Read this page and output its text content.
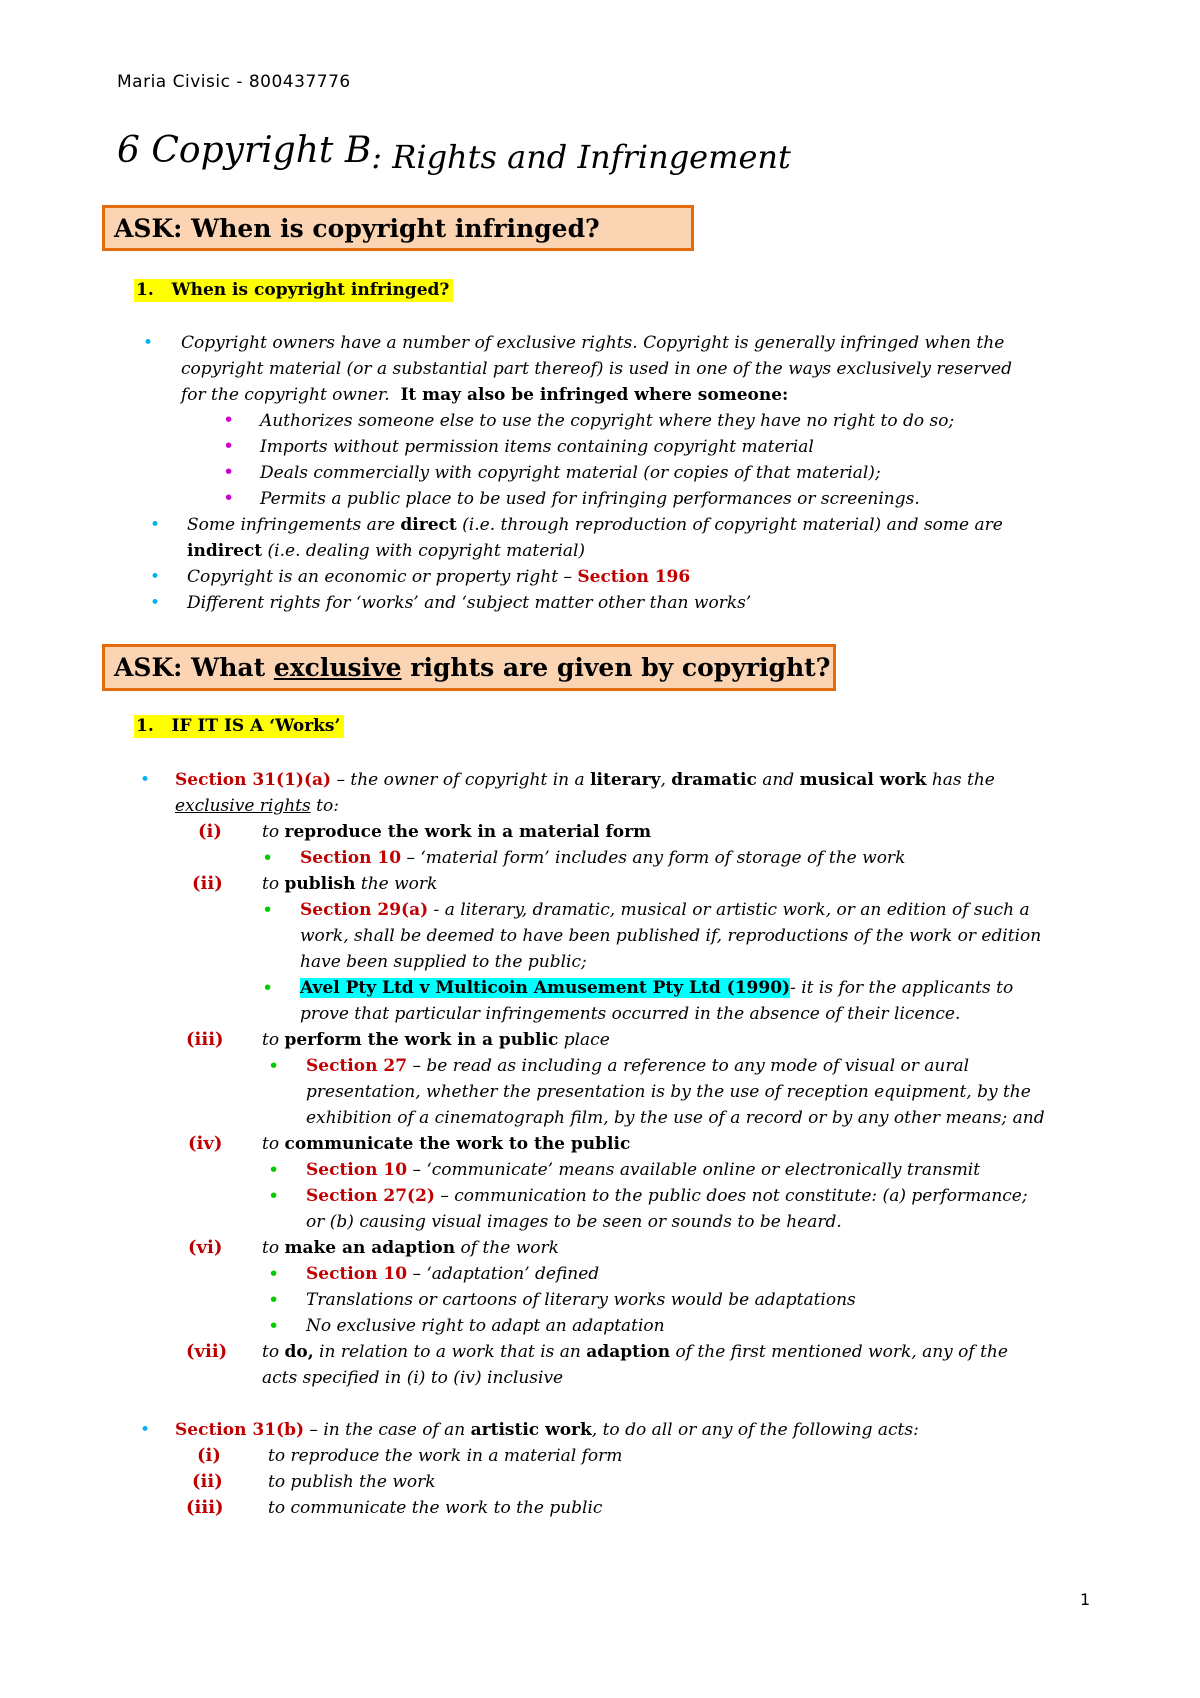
Maria Civisic - 800437776
6 Copyright B: Rights and Infringement
ASK: When is copyright infringed?
1. When is copyright infringed?
• Copyright owners have a number of exclusive rights. Copyright is generally infringed when the
copyright material (or a substantial part thereof) is used in one of the ways exclusively reserved
for the copyright owner. It may also be infringed where someone:
• Authorizes someone else to use the copyright where they have no right to do so;
• Imports without permission items containing copyright material
• Deals commercially with copyright material (or copies of that material);
• Permits a public place to be used for infringing performances or screenings.
• Some infringements are direct (i.e. through reproduction of copyright material) and some are
indirect (i.e. dealing with copyright material)
• Copyright is an economic or property right – Section 196
• Different rights for ‘works’ and ‘subject matter other than works’
ASK: What exclusive rights are given by copyright?
1. IF IT IS A ‘Works’
• Section 31(1)(a) – the owner of copyright in a literary, dramatic and musical work has the
exclusive rights to:
(i) to reproduce the work in a material form
• Section 10 – ‘material form’ includes any form of storage of the work
(ii) to publish the work
• Section 29(a) - a literary, dramatic, musical or artistic work, or an edition of such a
work, shall be deemed to have been published if, reproductions of the work or edition
have been supplied to the public;
• Avel Pty Ltd v Multicoin Amusement Pty Ltd (1990)- it is for the applicants to
prove that particular infringements occurred in the absence of their licence.
(iii) to perform the work in a public place
• Section 27 – be read as including a reference to any mode of visual or aural
presentation, whether the presentation is by the use of reception equipment, by the
exhibition of a cinematograph film, by the use of a record or by any other means; and
(iv) to communicate the work to the public
• Section 10 – ‘communicate’ means available online or electronically transmit
• Section 27(2) – communication to the public does not constitute: (a) performance;
or (b) causing visual images to be seen or sounds to be heard.
(vi) to make an adaption of the work
• Section 10 – ‘adaptation’ defined
• Translations or cartoons of literary works would be adaptations
• No exclusive right to adapt an adaptation
(vii) to do, in relation to a work that is an adaption of the first mentioned work, any of the
acts specified in (i) to (iv) inclusive
• Section 31(b) – in the case of an artistic work, to do all or any of the following acts:
(i)	to reproduce the work in a material form
(ii)	to publish the work
(iii)	to communicate the work to the public
1
